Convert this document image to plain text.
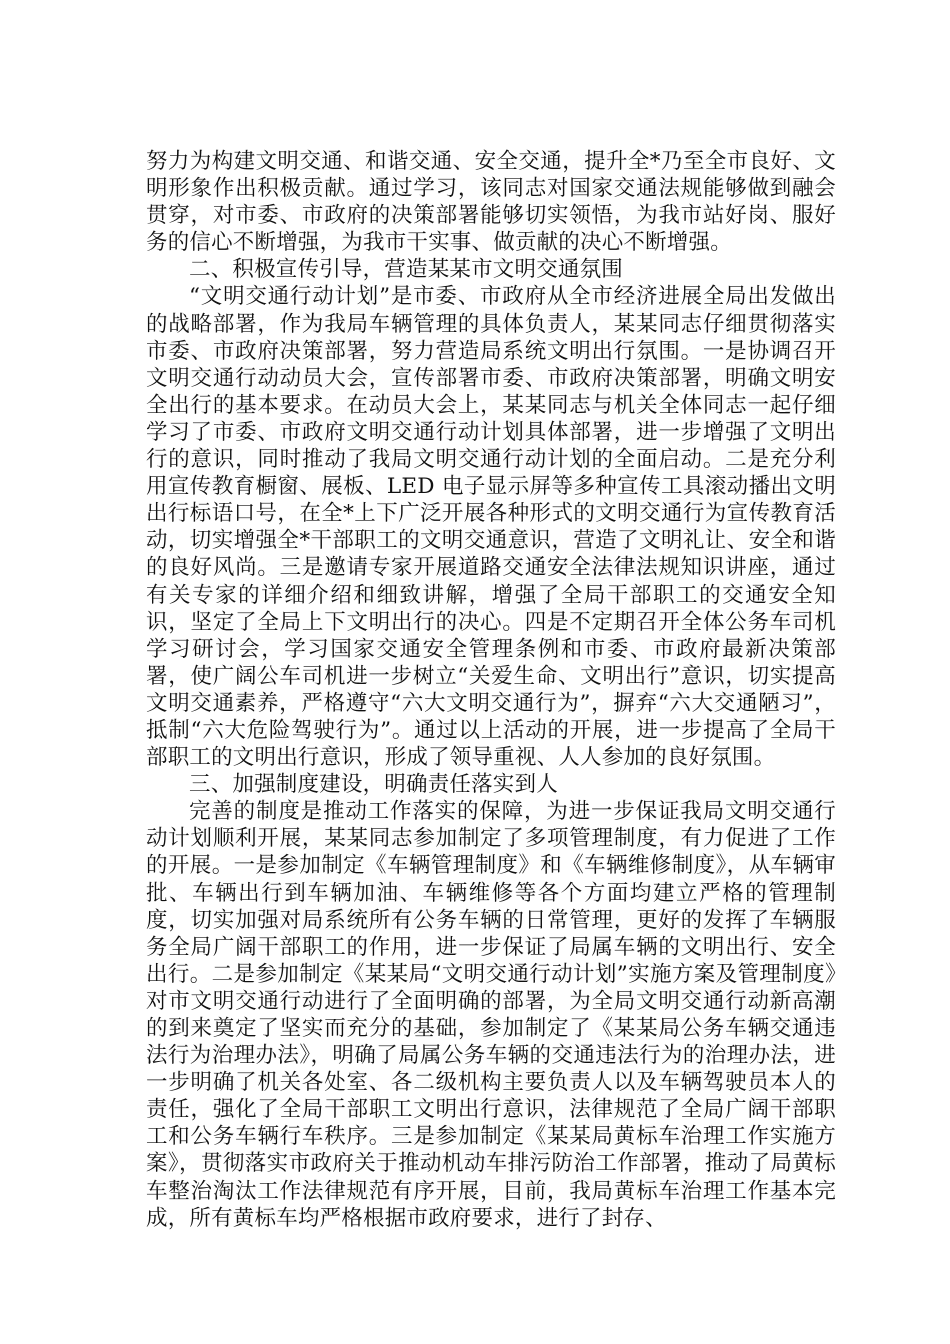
努力为构建文明交通、和谐交通、安全交通，提升全*乃至全市良好、文明形象作出积极贡献。通过学习，该同志对国家交通法规能够做到融会贯穿，对市委、市政府的决策部署能够切实领悟，为我市站好岗、服好务的信心不断增强，为我市干实事、做贡献的决心不断增强。

二、积极宣传引导，营造某某市文明交通氛围

“文明交通行动计划”是市委、市政府从全市经济进展全局出发做出的战略部署，作为我局车辆管理的具体负责人，某某同志仔细贯彻落实市委、市政府决策部署，努力营造局系统文明出行氛围。一是协调召开文明交通行动动员大会，宣传部署市委、市政府决策部署，明确文明安全出行的基本要求。在动员大会上，某某同志与机关全体同志一起仔细学习了市委、市政府文明交通行动计划具体部署，进一步增强了文明出行的意识，同时推动了我局文明交通行动计划的全面启动。二是充分利用宣传教育橱窗、展板、LED 电子显示屏等多种宣传工具滚动播出文明出行标语口号，在全*上下广泛开展各种形式的文明交通行为宣传教育活动，切实增强全*干部职工的文明交通意识，营造了文明礼让、安全和谐的良好风尚。三是邀请专家开展道路交通安全法律法规知识讲座，通过有关专家的详细介绍和细致讲解，增强了全局干部职工的交通安全知识，坚定了全局上下文明出行的决心。四是不定期召开全体公务车司机学习研讨会，学习国家交通安全管理条例和市委、市政府最新决策部署，使广阔公车司机进一步树立“关爱生命、文明出行”意识，切实提高文明交通素养，严格遵守“六大文明交通行为”，摒弃“六大交通陋习”，抵制“六大危险驾驶行为”。通过以上活动的开展，进一步提高了全局干部职工的文明出行意识，形成了领导重视、人人参加的良好氛围。

三、加强制度建设，明确责任落实到人

完善的制度是推动工作落实的保障，为进一步保证我局文明交通行动计划顺利开展，某某同志参加制定了多项管理制度，有力促进了工作的开展。一是参加制定《车辆管理制度》和《车辆维修制度》，从车辆审批、车辆出行到车辆加油、车辆维修等各个方面均建立严格的管理制度，切实加强对局系统所有公务车辆的日常管理，更好的发挥了车辆服务全局广阔干部职工的作用，进一步保证了局属车辆的文明出行、安全出行。二是参加制定《某某局“文明交通行动计划”实施方案及管理制度》对市文明交通行动进行了全面明确的部署，为全局文明交通行动新高潮的到来奠定了坚实而充分的基础，参加制定了《某某局公务车辆交通违法行为治理办法》，明确了局属公务车辆的交通违法行为的治理办法，进一步明确了机关各处室、各二级机构主要负责人以及车辆驾驶员本人的责任，强化了全局干部职工文明出行意识，法律规范了全局广阔干部职工和公务车辆行车秩序。三是参加制定《某某局黄标车治理工作实施方案》，贯彻落实市政府关于推动机动车排污防治工作部署，推动了局黄标车整治淘汰工作法律规范有序开展，目前，我局黄标车治理工作基本完成，所有黄标车均严格根据市政府要求，进行了封存、
